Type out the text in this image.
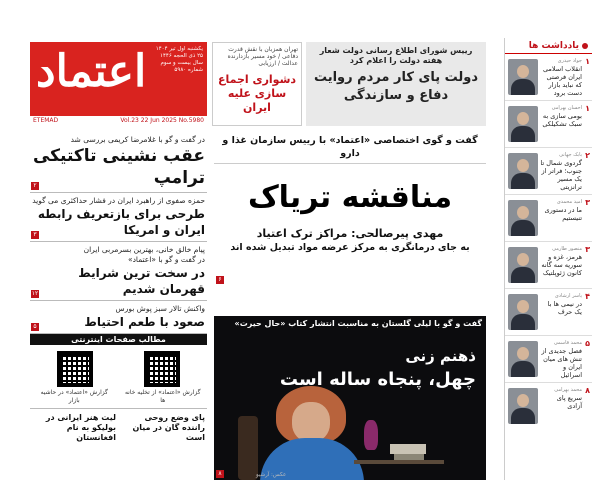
اعتماد	یکشنبه اول تیر ۱۴۰۴
۲۵ ذی الحجه ۱۴۴۶
سال بیست و سوم
شماره ۵۹۸۰
ETEMAD	Vol.23 22 Jun 2025 No.5980
تهران همزبان با نقش قدرت دفاعی / خود مسیر بازدارنده عدالت / ارزیابی
دشواری اجماع سازی علیه ایران
رییس شورای اطلاع رسانی دولت شعار هفته دولت را اعلام کرد
دولت پای کار مردم روایت دفاع و سازندگی
در گفت و گو با غلامرضا کریمی بررسی شد
عقب نشینی تاکتیکی ترامپ
۲
حمزه صفوی از راهبرد ایران در فشار حداکثری می گوید
طرحی برای بازتعریف رابطه ایران و امریکا
۳
پیام خالق خانی، بهترین بسرمربی ایران
در گفت و گو با «اعتماد»
در سخت ترین شرایط قهرمان شدیم
۱۲
واکنش تالار سبز پوش بورس
صعود با طعم احتیاط
۵
مطالب صفحات اینترنتی
گزارش «اعتماد» از تخلیه خانه ها
گزارش «اعتماد» در حاشیه بازار
پای وضع روحی راننده گان در میان است
لیت هنر ایرانی در بولیکو به نام افغانستان
گفت و گوی اختصاصی «اعتماد» با رییس سازمان غذا و دارو
مناقشه تریاک
مهدی پیرصالحی: مراکز ترک اعتیاد
به جای درمانگری به مرکز عرضه مواد تبدیل شده اند
۶
گفت و گو با لیلی گلستان به مناسبت انتشار کتاب «حال حیرت»
ذهنم زنی
چهل، پنجاه ساله است
عکس: آرشیو
۸
یادداشت ها
۱
جواد حیدری
انقلاب اسلامی ایران فرصتی که نباید بازار دست برود
۱
احسان بهرامی
بومی سازی به سبک تشکیلکی
۲
بابک جهانی
گردوی شمال تا جنوب؛ فراتر از یک مسیر ترانزیتی
۳
امید محمدی
ما در دستوری تنیستیم
۳
منصور طارمی
هرمز، غزه و سوریه سه گانه کانون ژئوپلتیک
۴
یاسر ارشادی
در نیمی ها با یک حرف
۵
محمد قاسمی
فصل جدیدی از تنش های میان ایران و اسرائیل
۸
محمد بهرامی
سریع پای آزادی
